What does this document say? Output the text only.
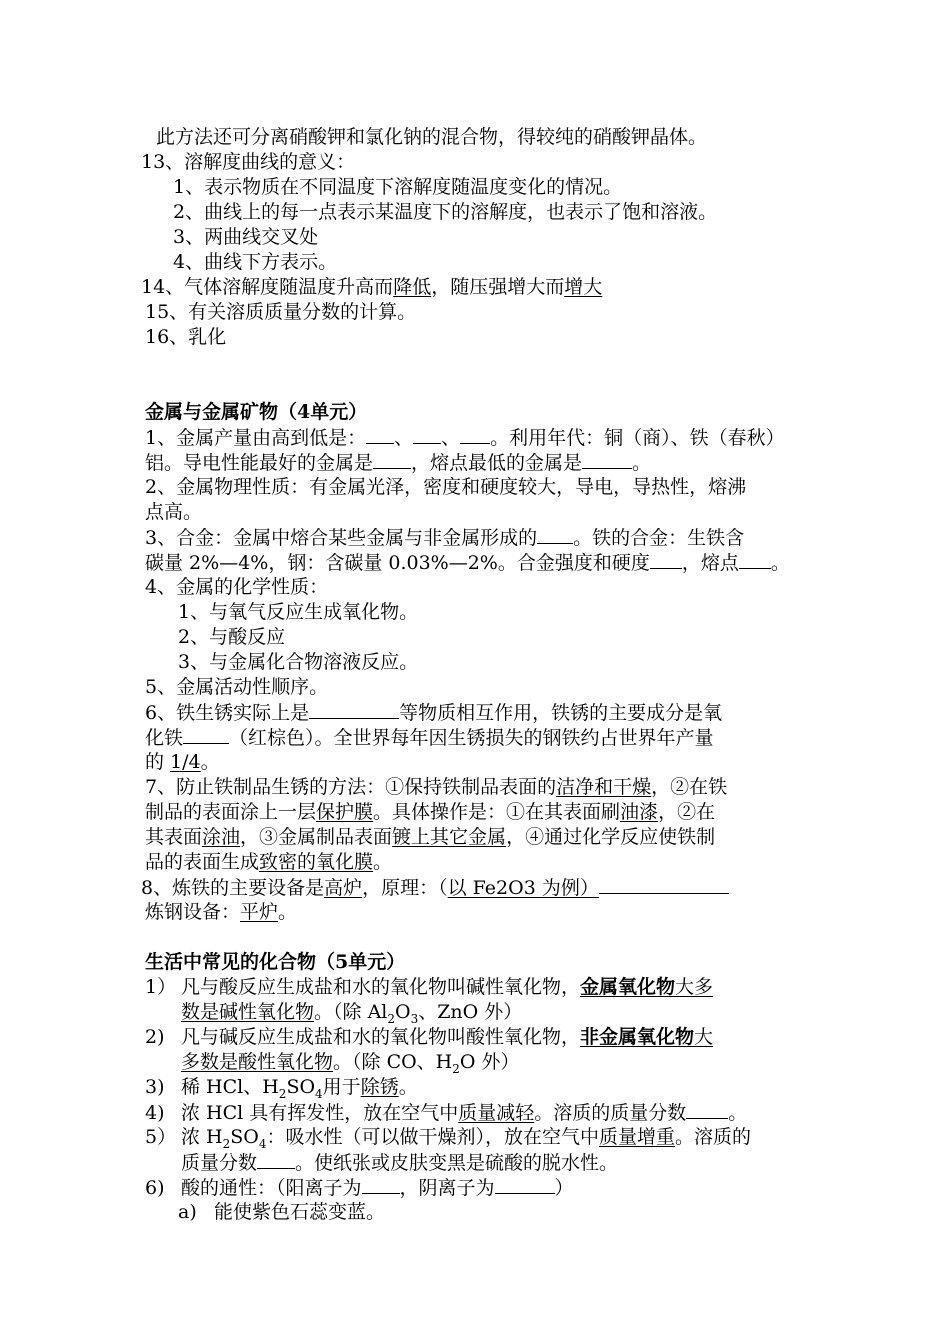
此方法还可分离硝酸钾和氯化钠的混合物，得较纯的硝酸钾晶体。
13、溶解度曲线的意义：
1、表示物质在不同温度下溶解度随温度变化的情况。
2、曲线上的每一点表示某温度下的溶解度，也表示了饱和溶液。
3、两曲线交叉处
4、曲线下方表示。
14、气体溶解度随温度升高而降低，随压强增大而增大
15、有关溶质质量分数的计算。
16、乳化
金属与金属矿物（4单元）
1、金属产量由高到低是： 、 、 。利用年代：铜（商）、铁（春秋）
铝。导电性能最好的金属是 ，熔点最低的金属是	。
2、金属物理性质：有金属光泽，密度和硬度较大，导电，导热性，熔沸
点高。
3、合金：金属中熔合某些金属与非金属形成的 。铁的合金：生铁含
碳量 2%—4%，钢：含碳量 0.03%—2%。合金强度和硬度 ，熔点 。
4、金属的化学性质：
1、与氧气反应生成氧化物。
2、与酸反应
3、与金属化合物溶液反应。
5、金属活动性顺序。
6、铁生锈实际上是	等物质相互作用，铁锈的主要成分是氧
化铁 （红棕色）。全世界每年因生锈损失的钢铁约占世界年产量
的 1/4。
7、防止铁制品生锈的方法：①保持铁制品表面的洁净和干燥，②在铁
制品的表面涂上一层保护膜。具体操作是：①在其表面刷油漆，②在
其表面涂油，③金属制品表面镀上其它金属，④通过化学反应使铁制
品的表面生成致密的氧化膜。
8、炼铁的主要设备是高炉，原理：（以 Fe2O3 为例）
炼钢设备：平炉。
生活中常见的化合物（5单元）
1） 凡与酸反应生成盐和水的氧化物叫碱性氧化物，金属氧化物大多
数是碱性氧化物。（除 $Al_2O_3$、ZnO 外）
2) 凡与碱反应生成盐和水的氧化物叫酸性氧化物，非金属氧化物大
多数是酸性氧化物。（除 CO、$H_2O$ 外）
3) 稀 HCl、$H_2SO_4$用于除锈。
4) 浓 HCl 具有挥发性，放在空气中质量减轻。溶质的质量分数 。
5） 浓 $H_2SO_4$：吸水性（可以做干燥剂），放在空气中质量增重。溶质的
质量分数 。使纸张或皮肤变黑是硫酸的脱水性。
6) 酸的通性：（阳离子为 ，阴离子为	）
a) 能使紫色石蕊变蓝。
